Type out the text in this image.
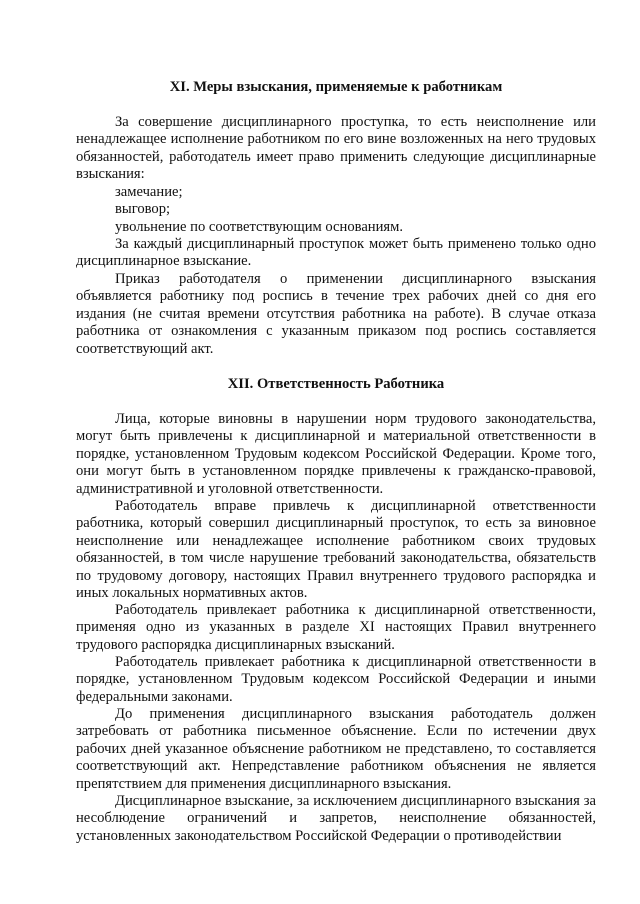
XI. Меры взыскания, применяемые к работникам

За совершение дисциплинарного проступка, то есть неисполнение или ненадлежащее исполнение работником по его вине возложенных на него трудовых обязанностей, работодатель имеет право применить следующие дисциплинарные взыскания:

замечание;

выговор;

увольнение по соответствующим основаниям.

За каждый дисциплинарный проступок может быть применено только одно дисциплинарное взыскание.

Приказ работодателя о применении дисциплинарного взыскания объявляется работнику под роспись в течение трех рабочих дней со дня его издания (не считая времени отсутствия работника на работе). В случае отказа работника от ознакомления с указанным приказом под роспись составляется соответствующий акт.

XII. Ответственность Работника

Лица, которые виновны в нарушении норм трудового законодательства, могут быть привлечены к дисциплинарной и материальной ответственности в порядке, установленном Трудовым кодексом Российской Федерации. Кроме того, они могут быть в установленном порядке привлечены к гражданско-правовой, административной и уголовной ответственности.

Работодатель вправе привлечь к дисциплинарной ответственности работника, который совершил дисциплинарный проступок, то есть за виновное неисполнение или ненадлежащее исполнение работником своих трудовых обязанностей, в том числе нарушение требований законодательства, обязательств по трудовому договору, настоящих Правил внутреннего трудового распорядка и иных локальных нормативных актов.

Работодатель привлекает работника к дисциплинарной ответственности, применяя одно из указанных в разделе XI настоящих Правил внутреннего трудового распорядка дисциплинарных взысканий.

Работодатель привлекает работника к дисциплинарной ответственности в порядке, установленном Трудовым кодексом Российской Федерации и иными федеральными законами.

До применения дисциплинарного взыскания работодатель должен затребовать от работника письменное объяснение. Если по истечении двух рабочих дней указанное объяснение работником не представлено, то составляется соответствующий акт. Непредставление работником объяснения не является препятствием для применения дисциплинарного взыскания.

Дисциплинарное взыскание, за исключением дисциплинарного взыскания за несоблюдение ограничений и запретов, неисполнение обязанностей, установленных законодательством Российской Федерации о противодействии
